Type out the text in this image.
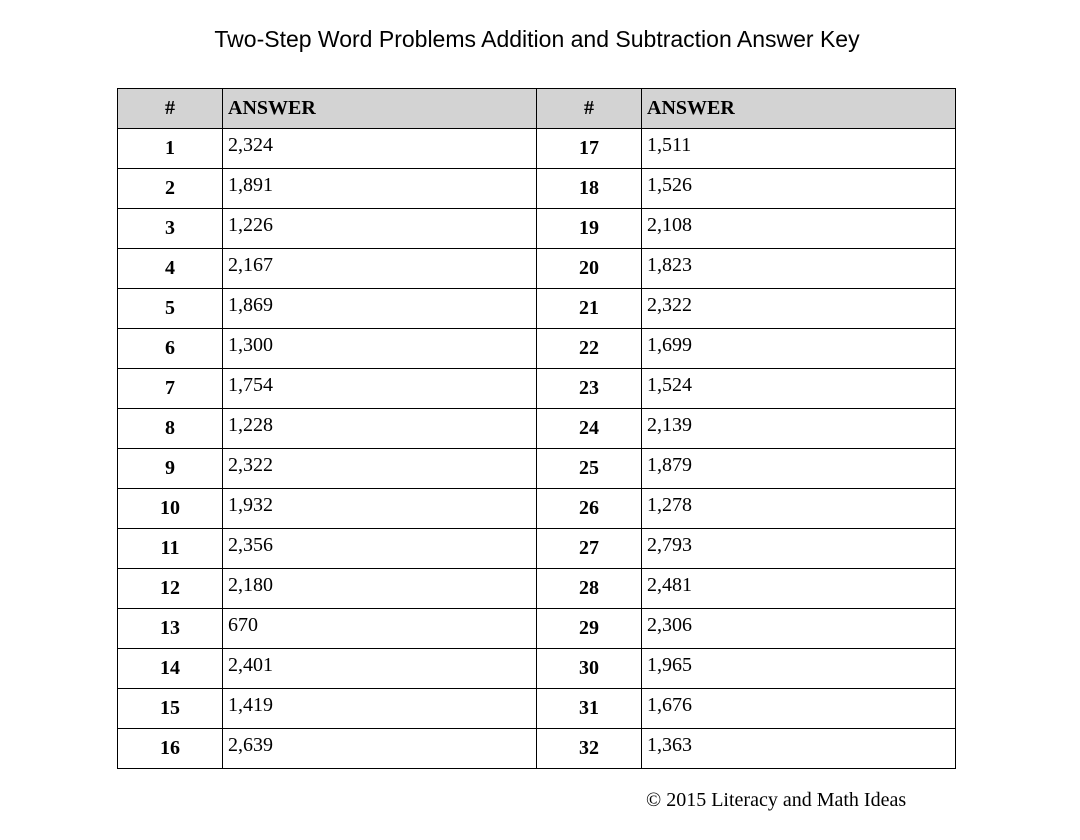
Two-Step Word Problems Addition and Subtraction Answer Key
#	ANSWER	#	ANSWER
1	2,324	17	1,511
2	1,891	18	1,526
3	1,226	19	2,108
4	2,167	20	1,823
5	1,869	21	2,322
6	1,300	22	1,699
7	1,754	23	1,524
8	1,228	24	2,139
9	2,322	25	1,879
10	1,932	26	1,278
11	2,356	27	2,793
12	2,180	28	2,481
13	670	29	2,306
14	2,401	30	1,965
15	1,419	31	1,676
16	2,639	32	1,363
© 2015 Literacy and Math Ideas
